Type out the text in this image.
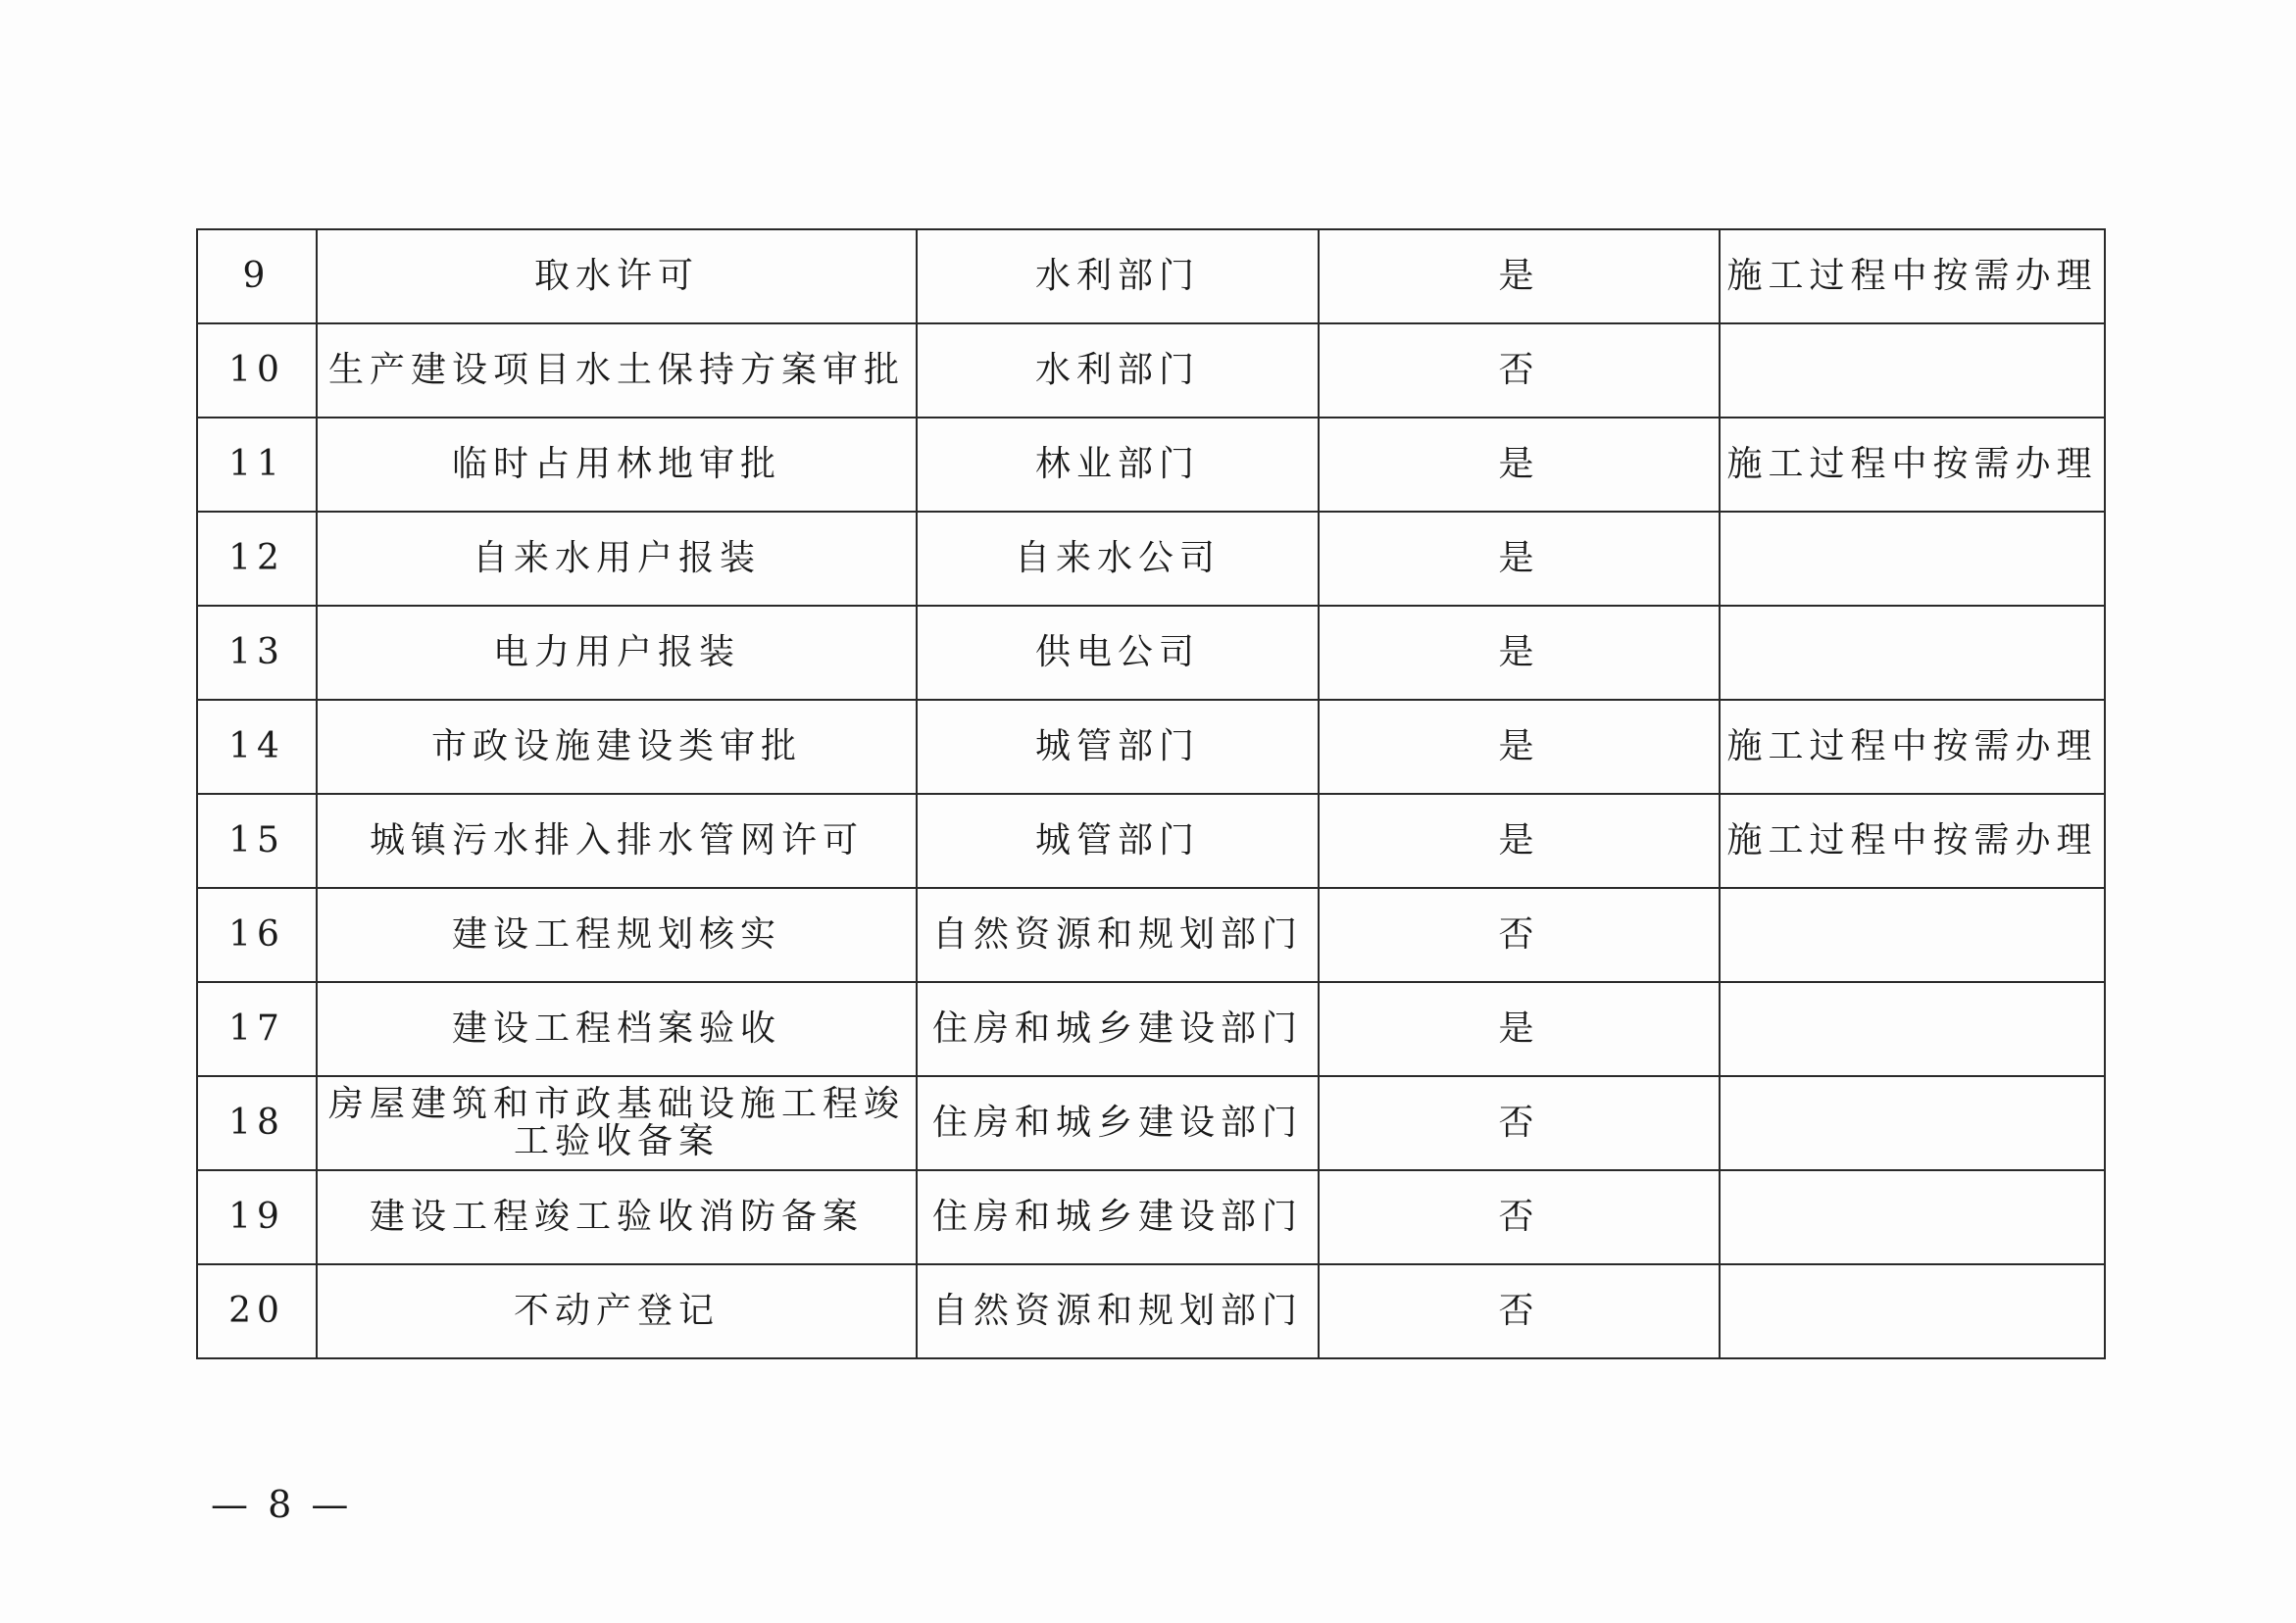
9	取水许可	水利部门	是	施工过程中按需办理
10	生产建设项目水土保持方案审批	水利部门	否	
11	临时占用林地审批	林业部门	是	施工过程中按需办理
12	自来水用户报装	自来水公司	是	
13	电力用户报装	供电公司	是	
14	市政设施建设类审批	城管部门	是	施工过程中按需办理
15	城镇污水排入排水管网许可	城管部门	是	施工过程中按需办理
16	建设工程规划核实	自然资源和规划部门	否	
17	建设工程档案验收	住房和城乡建设部门	是	
18	房屋建筑和市政基础设施工程竣工验收备案	住房和城乡建设部门	否	
19	建设工程竣工验收消防备案	住房和城乡建设部门	否	
20	不动产登记	自然资源和规划部门	否	
— 8 —
